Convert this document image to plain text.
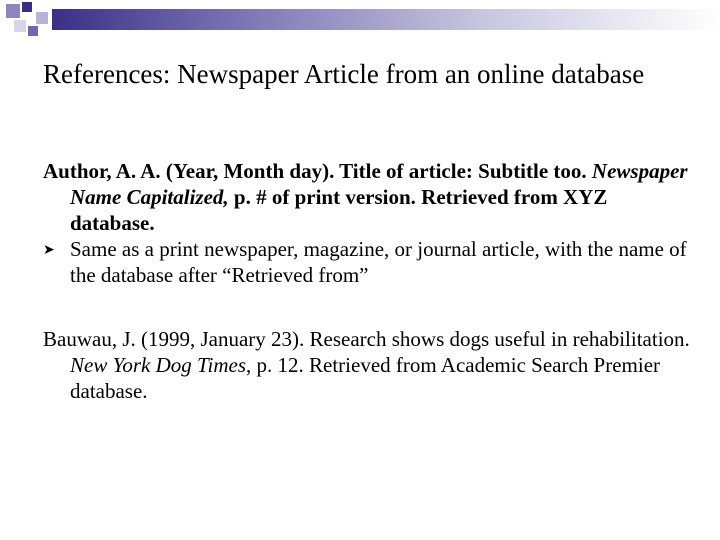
References: Newspaper Article from an online database

Author, A. A. (Year, Month day). Title of article: Subtitle too. Newspaper Name Capitalized, p. # of print version. Retrieved from XYZ database.

➤ Same as a print newspaper, magazine, or journal article, with the name of the database after “Retrieved from”

Bauwau, J. (1999, January 23). Research shows dogs useful in rehabilitation. New York Dog Times, p. 12. Retrieved from Academic Search Premier database.
